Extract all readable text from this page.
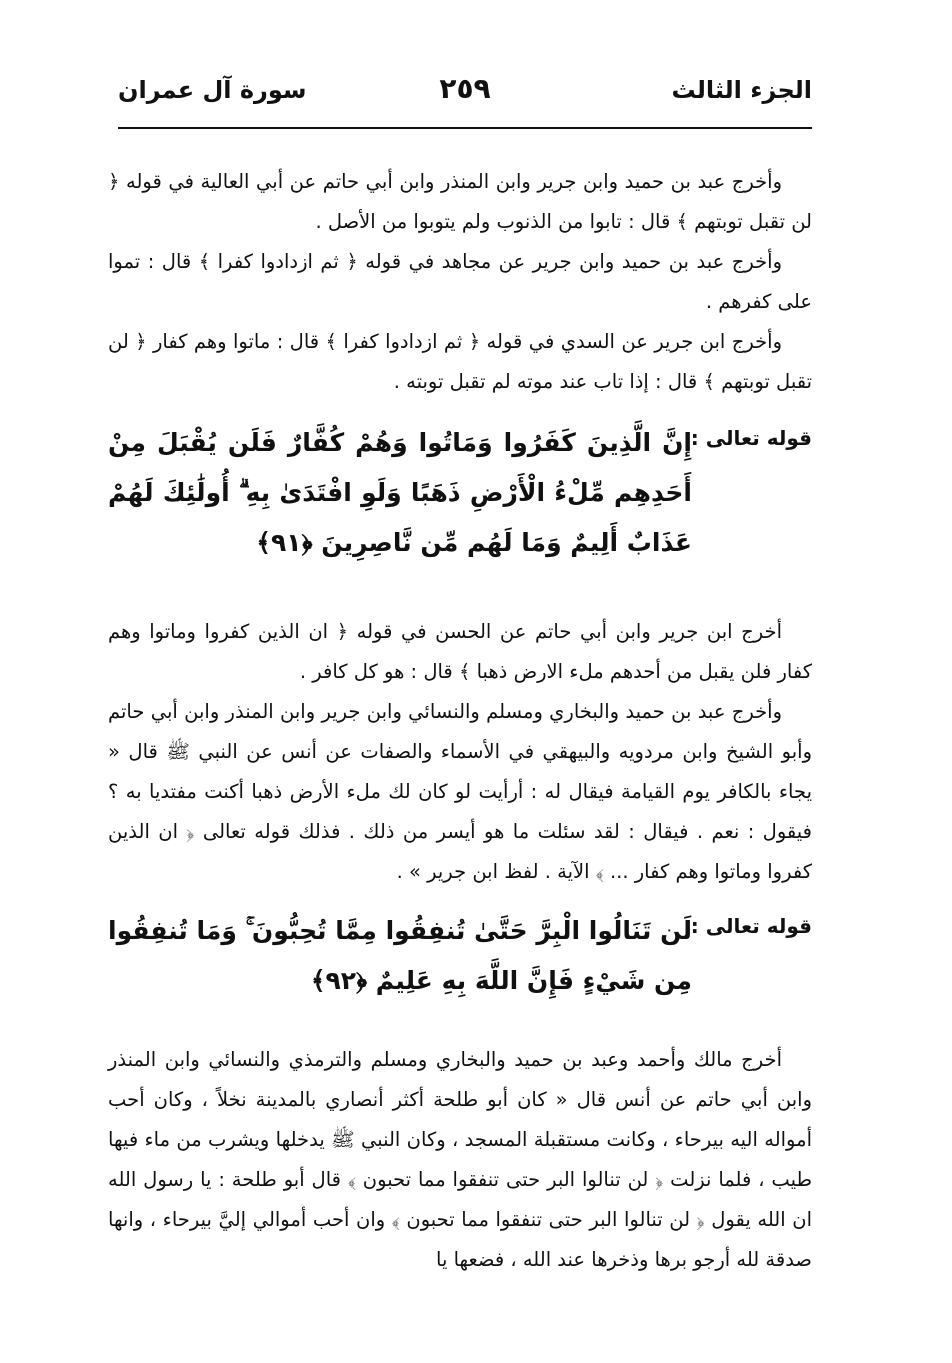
الجزء الثالث
٢٥٩
سورة آل عمران

وأخرج عبد بن حميد وابن جرير وابن المنذر وابن أبي حاتم عن أبي العالية في قوله ﴿ لن تقبل توبتهم ﴾ قال : تابوا من الذنوب ولم يتوبوا من الأصل .

وأخرج عبد بن حميد وابن جرير عن مجاهد في قوله ﴿ ثم ازدادوا كفرا ﴾ قال : تموا على كفرهم .

وأخرج ابن جرير عن السدي في قوله ﴿ ثم ازدادوا كفرا ﴾ قال : ماتوا وهم كفار ﴿ لن تقبل توبتهم ﴾ قال : إذا تاب عند موته لم تقبل توبته .

قوله تعالى :
إِنَّ الَّذِينَ كَفَرُوا وَمَاتُوا وَهُمْ كُفَّارٌ فَلَن يُقْبَلَ مِنْ أَحَدِهِم مِّلْءُ الْأَرْضِ ذَهَبًا وَلَوِ افْتَدَىٰ بِهِ ۗ أُولَٰئِكَ لَهُمْ عَذَابٌ أَلِيمٌ وَمَا لَهُم مِّن نَّاصِرِينَ ﴿٩١﴾

أخرج ابن جرير وابن أبي حاتم عن الحسن في قوله ﴿ ان الذين كفروا وماتوا وهم كفار فلن يقبل من أحدهم ملء الارض ذهبا ﴾ قال : هو كل كافر .

وأخرج عبد بن حميد والبخاري ومسلم والنسائي وابن جرير وابن المنذر وابن أبي حاتم وأبو الشيخ وابن مردويه والبيهقي في الأسماء والصفات عن أنس عن النبي ﷺ قال « يجاء بالكافر يوم القيامة فيقال له : أرأيت لو كان لك ملء الأرض ذهبا أكنت مفتديا به ؟ فيقول : نعم . فيقال : لقد سئلت ما هو أيسر من ذلك . فذلك قوله تعالى ﴿ ان الذين كفروا وماتوا وهم كفار ... ﴾ الآية . لفظ ابن جرير » .

قوله تعالى :
لَن تَنَالُوا الْبِرَّ حَتَّىٰ تُنفِقُوا مِمَّا تُحِبُّونَ ۚ وَمَا تُنفِقُوا مِن شَيْءٍ فَإِنَّ اللَّهَ بِهِ عَلِيمٌ ﴿٩٢﴾

أخرج مالك وأحمد وعبد بن حميد والبخاري ومسلم والترمذي والنسائي وابن المنذر وابن أبي حاتم عن أنس قال « كان أبو طلحة أكثر أنصاري بالمدينة نخلاً ، وكان أحب أمواله اليه بيرحاء ، وكانت مستقبلة المسجد ، وكان النبي ﷺ يدخلها ويشرب من ماء فيها طيب ، فلما نزلت ﴿ لن تنالوا البر حتى تنفقوا مما تحبون ﴾ قال أبو طلحة : يا رسول الله ان الله يقول ﴿ لن تنالوا البر حتى تنفقوا مما تحبون ﴾ وان أحب أموالي إليَّ بيرحاء ، وانها صدقة لله أرجو برها وذخرها عند الله ، فضعها يا
